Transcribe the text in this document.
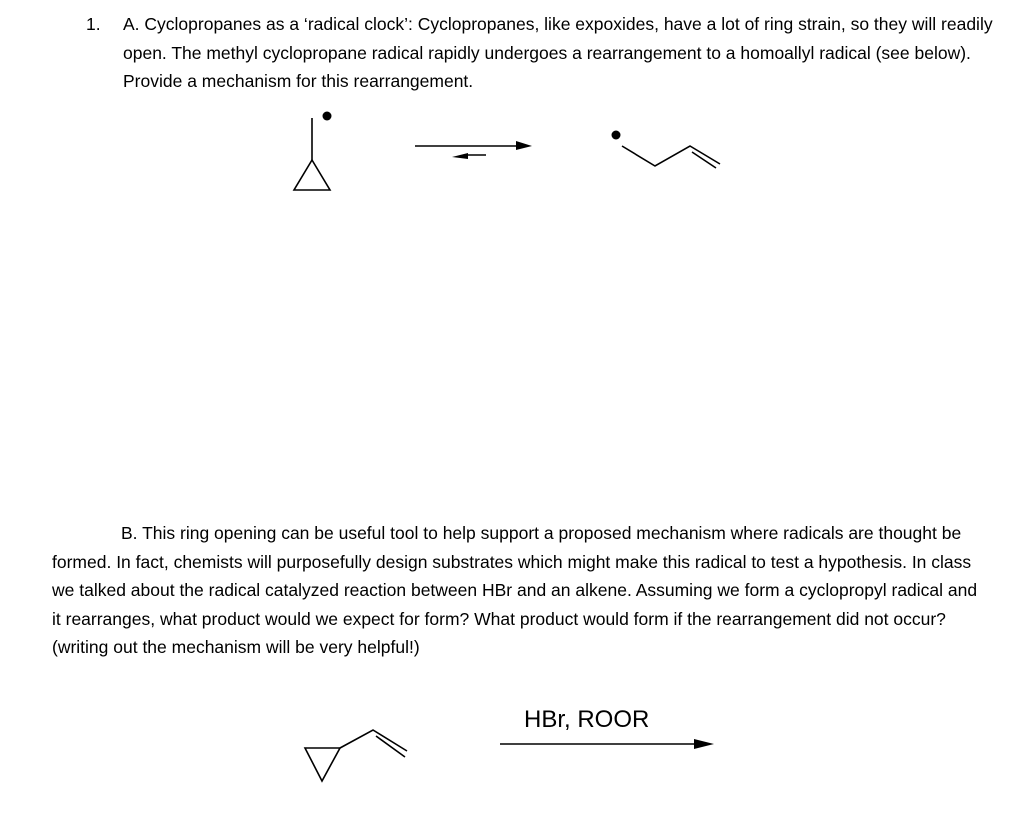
1. A. Cyclopropanes as a ‘radical clock’: Cyclopropanes, like expoxides, have a lot of ring strain, so they will readily open. The methyl cyclopropane radical rapidly undergoes a rearrangement to a homoallyl radical (see below). Provide a mechanism for this rearrangement.
B. This ring opening can be useful tool to help support a proposed mechanism where radicals are thought be formed. In fact, chemists will purposefully design substrates which might make this radical to test a hypothesis. In class we talked about the radical catalyzed reaction between HBr and an alkene. Assuming we form a cyclopropyl radical and it rearranges, what product would we expect for form? What product would form if the rearrangement did not occur? (writing out the mechanism will be very helpful!)
HBr, ROOR
